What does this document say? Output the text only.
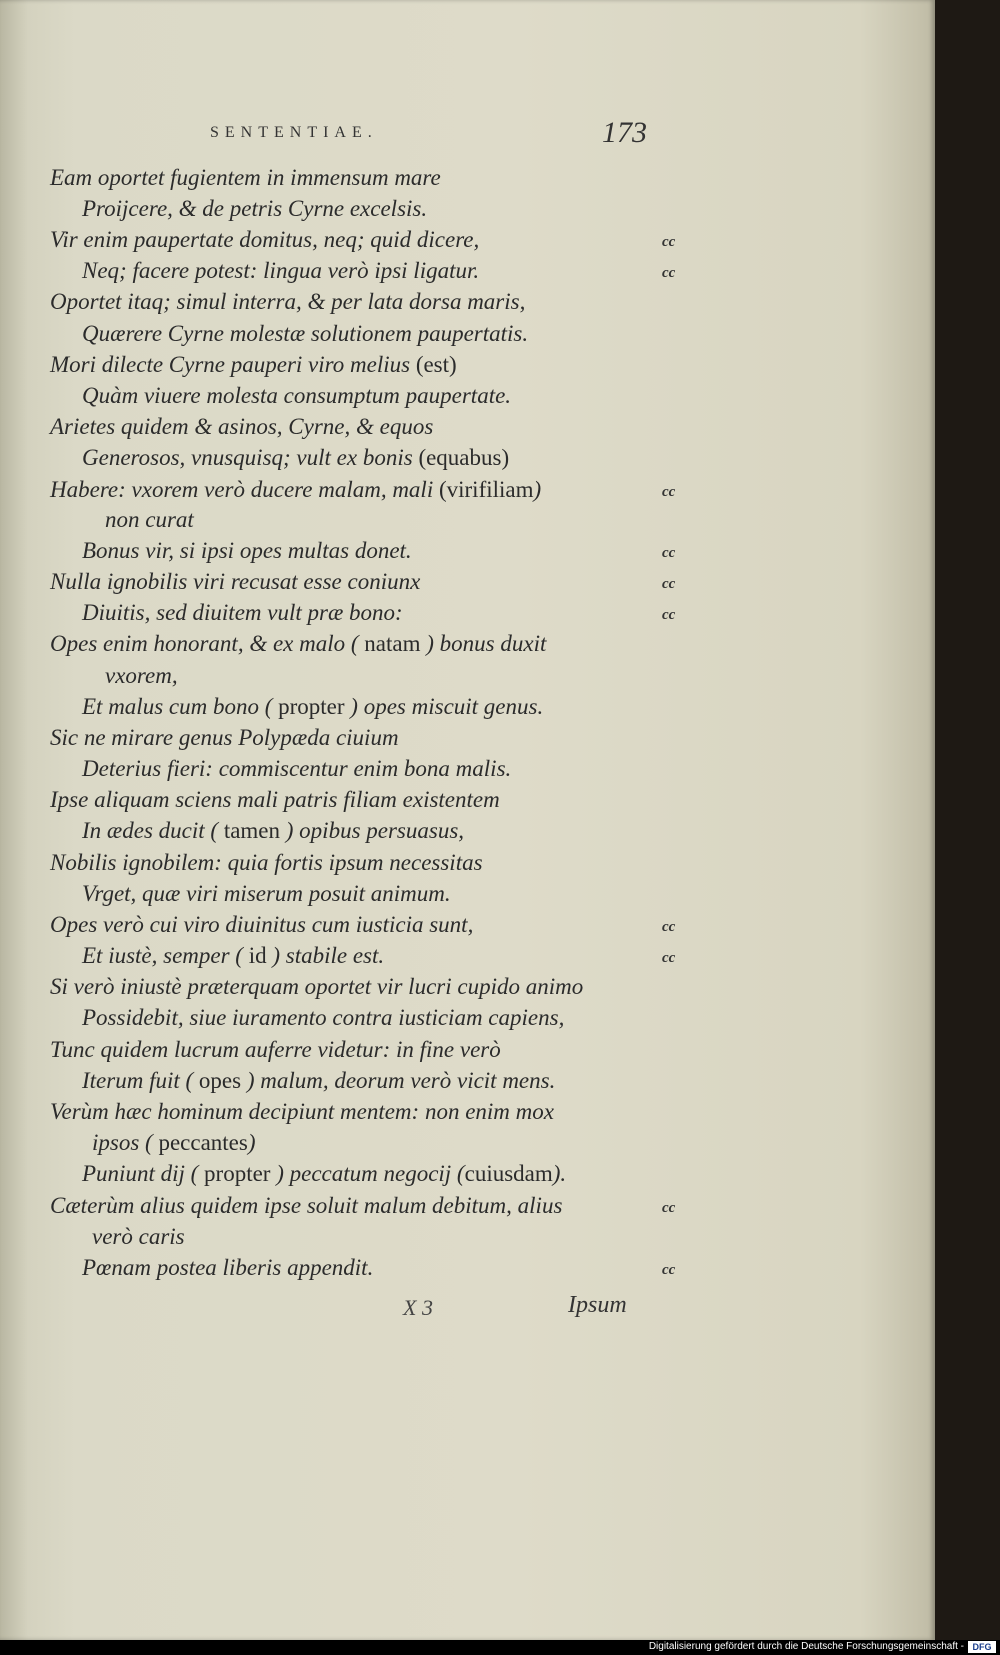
SENTENTIAE.	173
Eam oportet fugientem in immensum mare
Proijcere, & de petris Cyrne excelsis.
Vir enim paupertate domitus, neq; quid dicere,
Neq; facere potest: lingua verò ipsi ligatur.
Oportet itaq; simul interra, & per lata dorsa maris,
Quærere Cyrne molestæ solutionem paupertatis.
Mori dilecte Cyrne pauperi viro melius (est)
Quàm viuere molesta consumptum paupertate.
Arietes quidem & asinos, Cyrne, & equos
Generosos, vnusquisq; vult ex bonis (equabus)
Habere: vxorem verò ducere malam, mali (virifiliam)
non curat
Bonus vir, si ipsi opes multas donet.
Nulla ignobilis viri recusat esse coniunx
Diuitis, sed diuitem vult præ bono:
Opes enim honorant, & ex malo ( natam ) bonus duxit
vxorem,
Et malus cum bono ( propter ) opes miscuit genus.
Sic ne mirare genus Polypæda ciuium
Deterius fieri: commiscentur enim bona malis.
Ipse aliquam sciens mali patris filiam existentem
In ædes ducit ( tamen ) opibus persuasus,
Nobilis ignobilem: quia fortis ipsum necessitas
Vrget, quæ viri miserum posuit animum.
Opes verò cui viro diuinitus cum iusticia sunt,
Et iustè, semper ( id ) stabile est.
Si verò iniustè præterquam oportet vir lucri cupido animo
Possidebit, siue iuramento contra iusticiam capiens,
Tunc quidem lucrum auferre videtur: in fine verò
Iterum fuit ( opes ) malum, deorum verò vicit mens.
Verùm hæc hominum decipiunt mentem: non enim mox
ipsos ( peccantes)
Puniunt dij ( propter ) peccatum negocij (cuiusdam).
Cæterùm alius quidem ipse soluit malum debitum, alius
verò caris
Pœnam postea liberis appendit.
cc
cc
cc
cc
cc
cc
cc
cc
cc
cc
X 3	Ipsum
Digitalisierung gefördert durch die Deutsche Forschungsgemeinschaft - DFG
